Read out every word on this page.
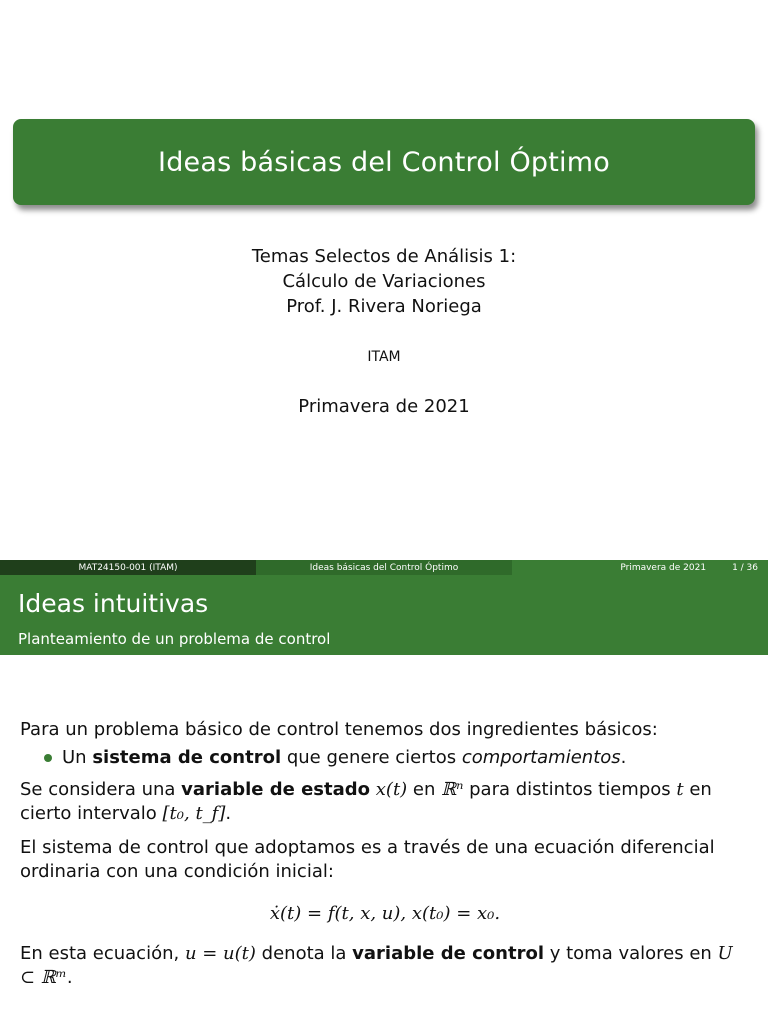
Ideas básicas del Control Óptimo
Temas Selectos de Análisis 1:
Cálculo de Variaciones
Prof. J. Rivera Noriega
ITAM
Primavera de 2021
MAT24150-001 (ITAM)	Ideas básicas del Control Óptimo	Primavera de 2021	1 / 36
Ideas intuitivas
Planteamiento de un problema de control

Para un problema básico de control tenemos dos ingredientes básicos:

Un sistema de control que genere ciertos comportamientos.

Se considera una variable de estado x(t) en ℝⁿ para distintos tiempos t en cierto intervalo [t₀, t_f].

El sistema de control que adoptamos es a través de una ecuación diferencial ordinaria con una condición inicial:

ẋ(t) = f(t, x, u), x(t₀) = x₀.

En esta ecuación, u = u(t) denota la variable de control y toma valores en U ⊂ ℝᵐ.
